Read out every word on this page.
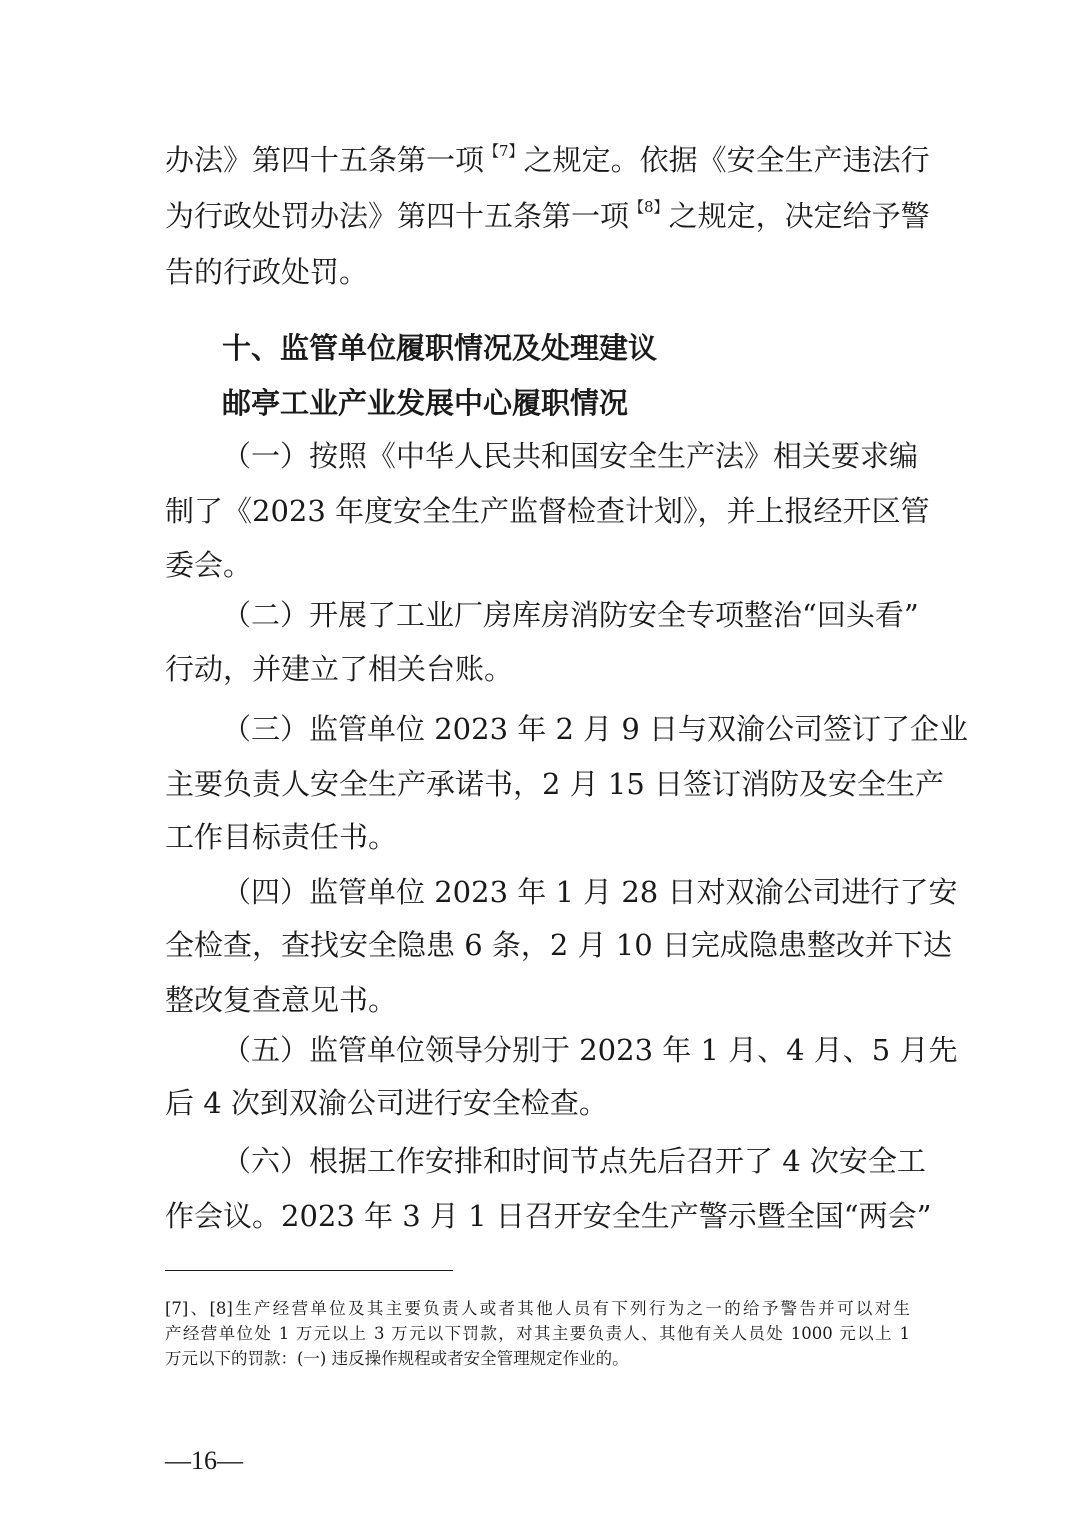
办法》第四十五条第一项$^{【7】}$之规定。依据《安全生产违法行
为行政处罚办法》第四十五条第一项$^{【8】}$之规定，决定给予警
告的行政处罚。
十、监管单位履职情况及处理建议
邮亭工业产业发展中心履职情况
（一）按照《中华人民共和国安全生产法》相关要求编
制了《2023 年度安全生产监督检查计划》，并上报经开区管
委会。
（二）开展了工业厂房库房消防安全专项整治“回头看”
行动，并建立了相关台账。
（三）监管单位 2023 年 2 月 9 日与双渝公司签订了企业
主要负责人安全生产承诺书，2 月 15 日签订消防及安全生产
工作目标责任书。
（四）监管单位 2023 年 1 月 28 日对双渝公司进行了安
全检查，查找安全隐患 6 条，2 月 10 日完成隐患整改并下达
整改复查意见书。
（五）监管单位领导分别于 2023 年 1 月、4 月、5 月先
后 4 次到双渝公司进行安全检查。
（六）根据工作安排和时间节点先后召开了 4 次安全工
作会议。2023 年 3 月 1 日召开安全生产警示暨全国“两会”
[7]、[8]生产经营单位及其主要负责人或者其他人员有下列行为之一的给予警告并可以对生
产经营单位处 1 万元以上 3 万元以下罚款，对其主要负责人、其他有关人员处 1000 元以上 1
万元以下的罚款：(一) 违反操作规程或者安全管理规定作业的。
—16—
